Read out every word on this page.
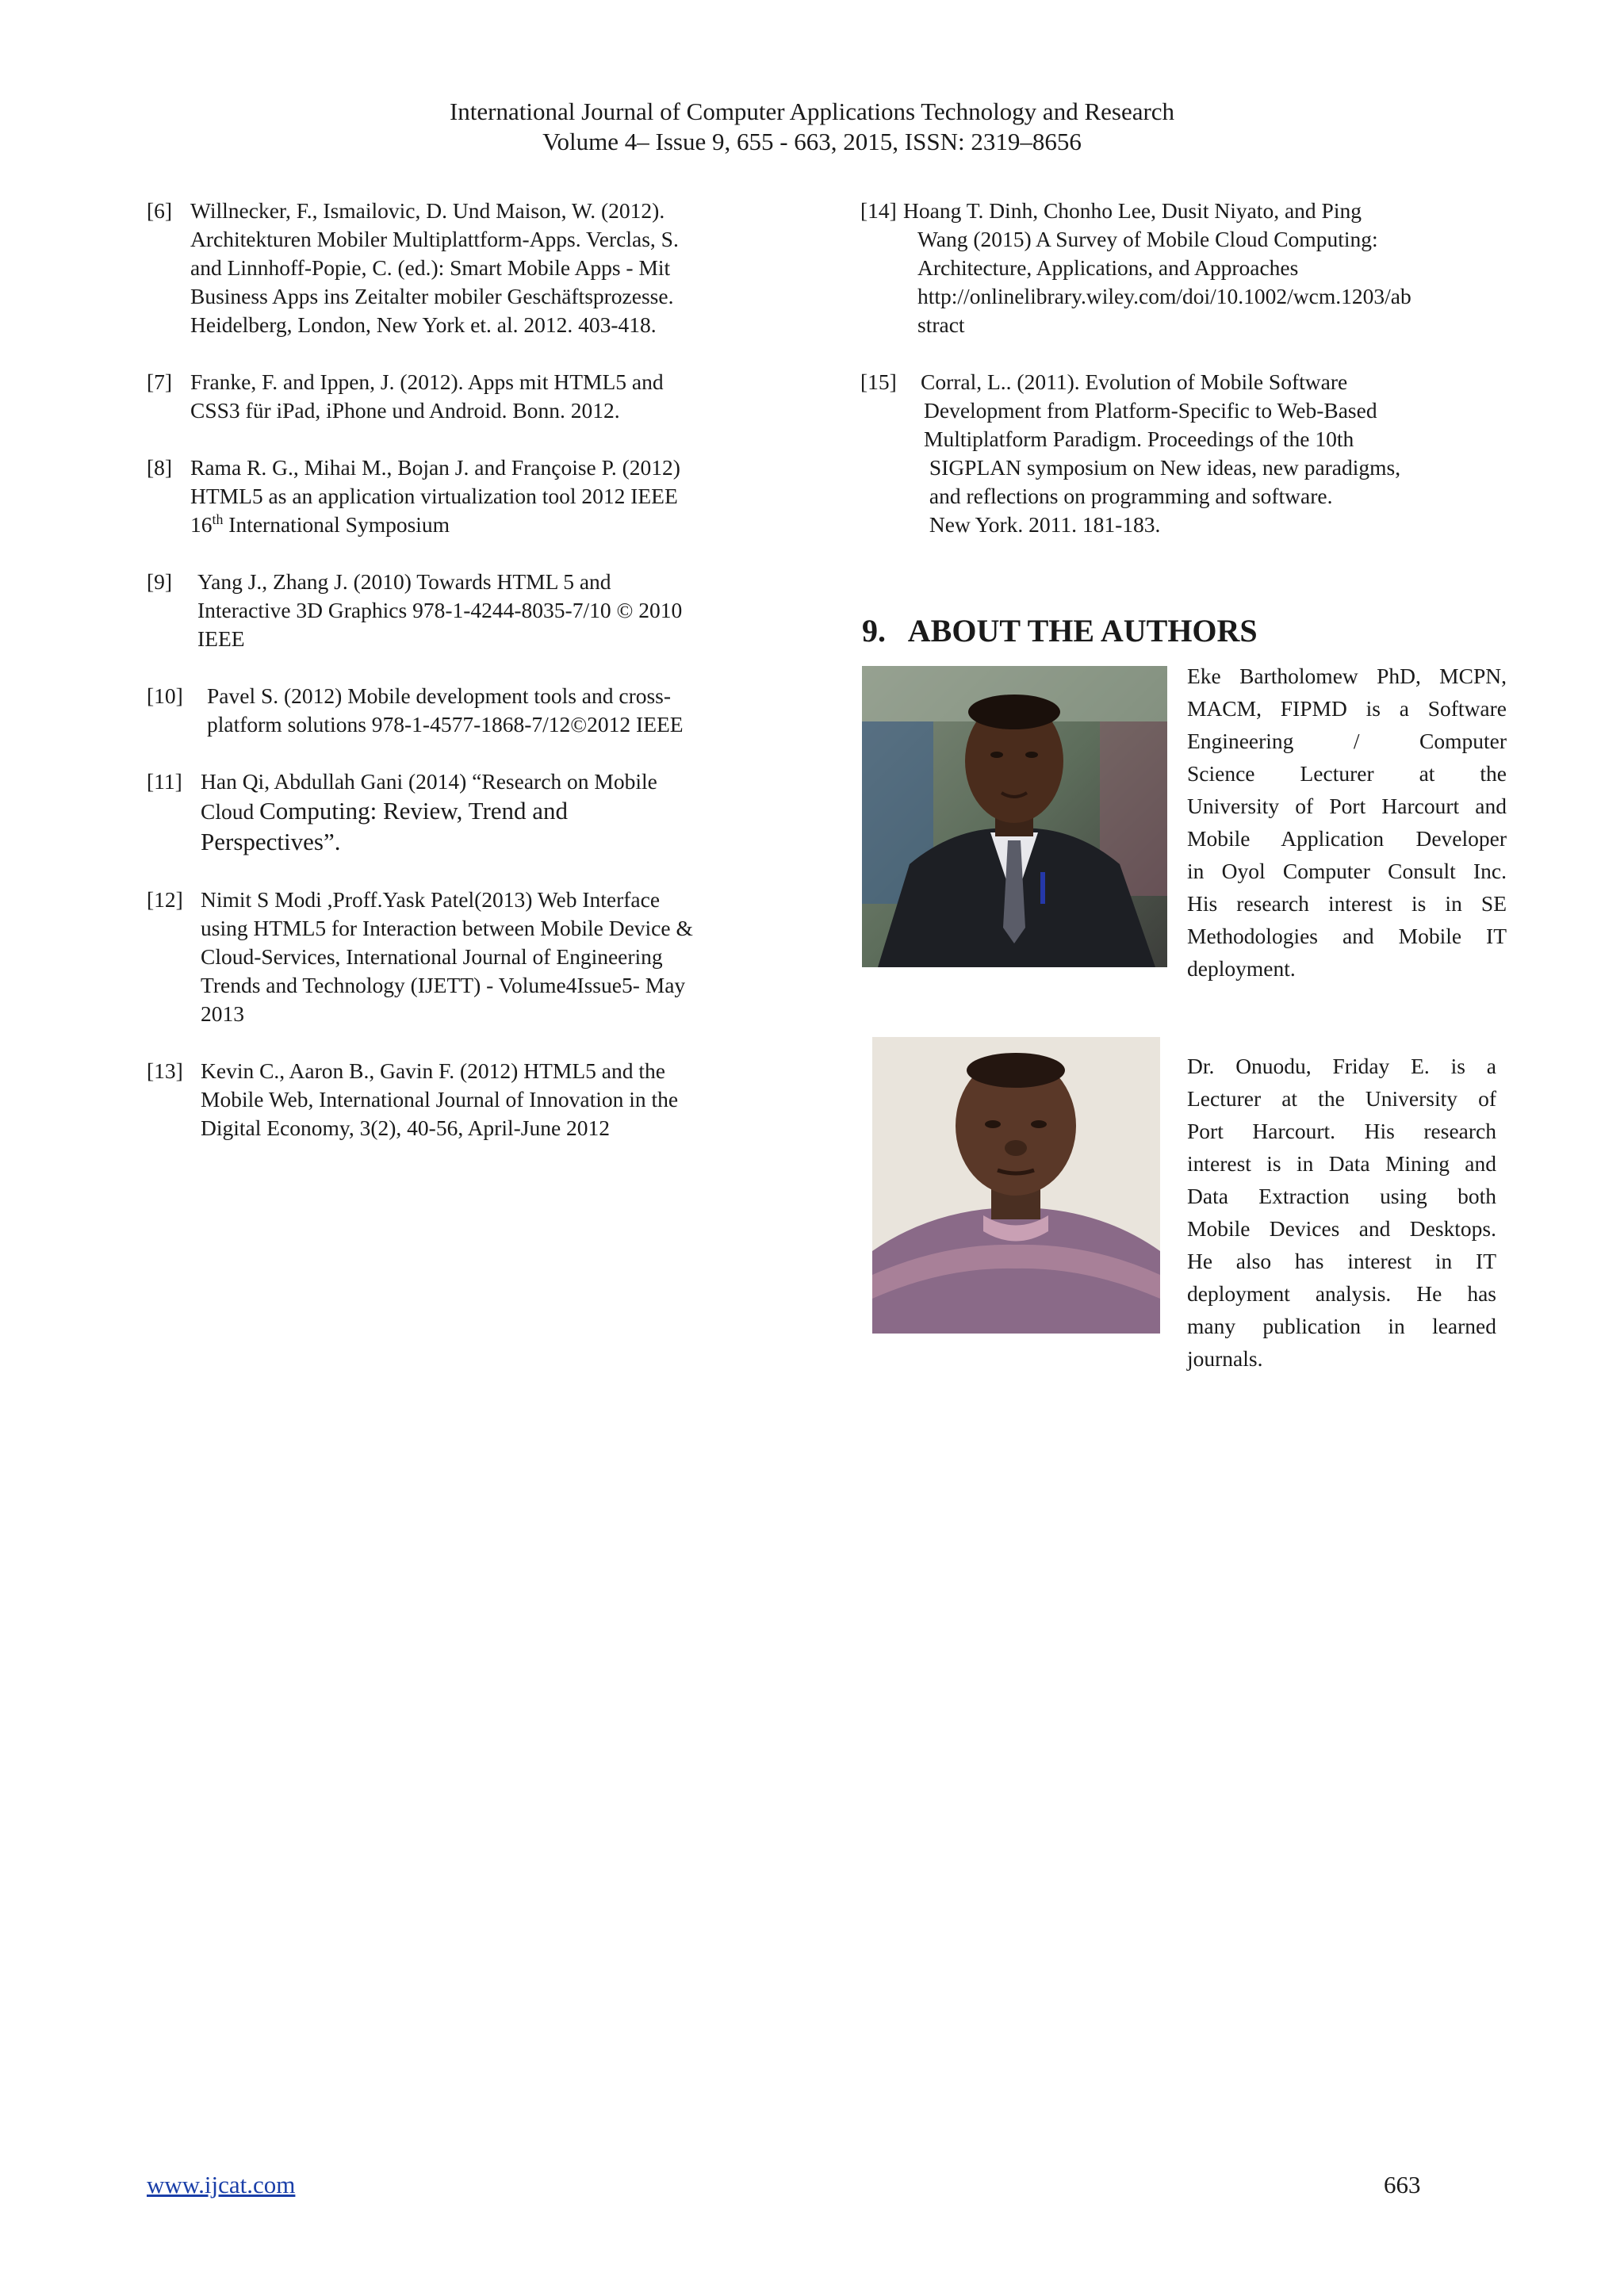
International Journal of Computer Applications Technology and Research
Volume 4– Issue 9, 655 - 663, 2015, ISSN: 2319–8656
[6] Willnecker, F., Ismailovic, D. Und Maison, W. (2012).
Architekturen Mobiler Multiplattform-Apps. Verclas, S.
and Linnhoff-Popie, C. (ed.): Smart Mobile Apps - Mit
Business Apps ins Zeitalter mobiler Geschäftsprozesse.
Heidelberg, London, New York et. al. 2012. 403-418.
[7] Franke, F. and Ippen, J. (2012). Apps mit HTML5 and
CSS3 für iPad, iPhone und Android. Bonn. 2012.
[8] Rama R. G., Mihai M., Bojan J. and Françoise P. (2012)
HTML5 as an application virtualization tool 2012 IEEE
16th International Symposium
[9] Yang J., Zhang J. (2010) Towards HTML 5 and
Interactive 3D Graphics 978-1-4244-8035-7/10 © 2010
IEEE
[10] Pavel S. (2012) Mobile development tools and cross-
platform solutions 978-1-4577-1868-7/12©2012 IEEE
[11] Han Qi, Abdullah Gani (2014) “Research on Mobile
Cloud Computing: Review, Trend and
Perspectives”.
[12] Nimit S Modi ,Proff.Yask Patel(2013) Web Interface
using HTML5 for Interaction between Mobile Device &
Cloud-Services, International Journal of Engineering
Trends and Technology (IJETT) - Volume4Issue5- May
2013
[13] Kevin C., Aaron B., Gavin F. (2012) HTML5 and the
Mobile Web, International Journal of Innovation in the
Digital Economy, 3(2), 40-56, April-June 2012
[14] Hoang T. Dinh, Chonho Lee, Dusit Niyato, and Ping
Wang (2015) A Survey of Mobile Cloud Computing:
Architecture, Applications, and Approaches
http://onlinelibrary.wiley.com/doi/10.1002/wcm.1203/ab
stract
[15] Corral, L.. (2011). Evolution of Mobile Software
Development from Platform-Specific to Web-Based
Multiplatform Paradigm. Proceedings of the 10th
SIGPLAN symposium on New ideas, new paradigms,
and reflections on programming and software.
New York. 2011. 181-183.
9.   ABOUT THE AUTHORS
Eke Bartholomew PhD, MCPN,
MACM, FIPMD is a Software
Engineering / Computer
Science Lecturer at the
University of Port Harcourt and
Mobile Application Developer
in Oyol Computer Consult Inc.
His research interest is in SE
Methodologies and Mobile IT
deployment.
Dr. Onuodu, Friday E. is a
Lecturer at the University of
Port Harcourt. His research
interest is in Data Mining and
Data Extraction using both
Mobile Devices and Desktops.
He also has interest in IT
deployment analysis. He has
many publication in learned
journals.
www.ijcat.com	663
